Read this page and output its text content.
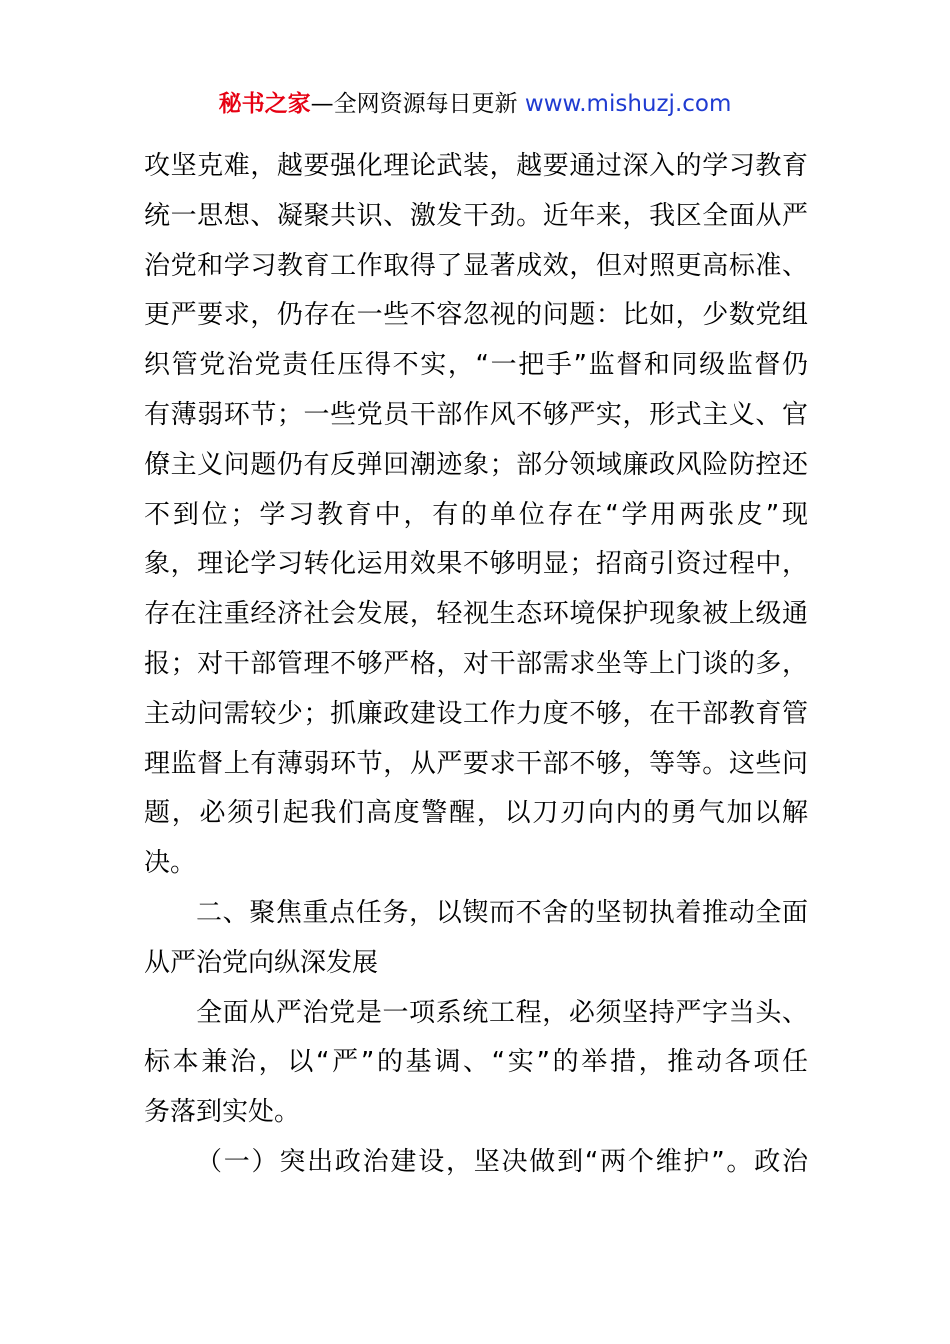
秘书之家—全网资源每日更新 www.mishuzj.com
攻坚克难，越要强化理论武装，越要通过深入的学习教育
统一思想、凝聚共识、激发干劲。近年来，我区全面从严
治党和学习教育工作取得了显著成效，但对照更高标准、
更严要求，仍存在一些不容忽视的问题：比如，少数党组
织管党治党责任压得不实，“一把手”监督和同级监督仍
有薄弱环节；一些党员干部作风不够严实，形式主义、官
僚主义问题仍有反弹回潮迹象；部分领域廉政风险防控还
不到位；学习教育中，有的单位存在“学用两张皮”现
象，理论学习转化运用效果不够明显；招商引资过程中，
存在注重经济社会发展，轻视生态环境保护现象被上级通
报；对干部管理不够严格，对干部需求坐等上门谈的多，
主动问需较少；抓廉政建设工作力度不够，在干部教育管
理监督上有薄弱环节，从严要求干部不够，等等。这些问
题，必须引起我们高度警醒，以刀刃向内的勇气加以解
决。
二、聚焦重点任务，以锲而不舍的坚韧执着推动全面
从严治党向纵深发展
全面从严治党是一项系统工程，必须坚持严字当头、
标本兼治，以“严”的基调、“实”的举措，推动各项任
务落到实处。
（一）突出政治建设，坚决做到“两个维护”。政治
